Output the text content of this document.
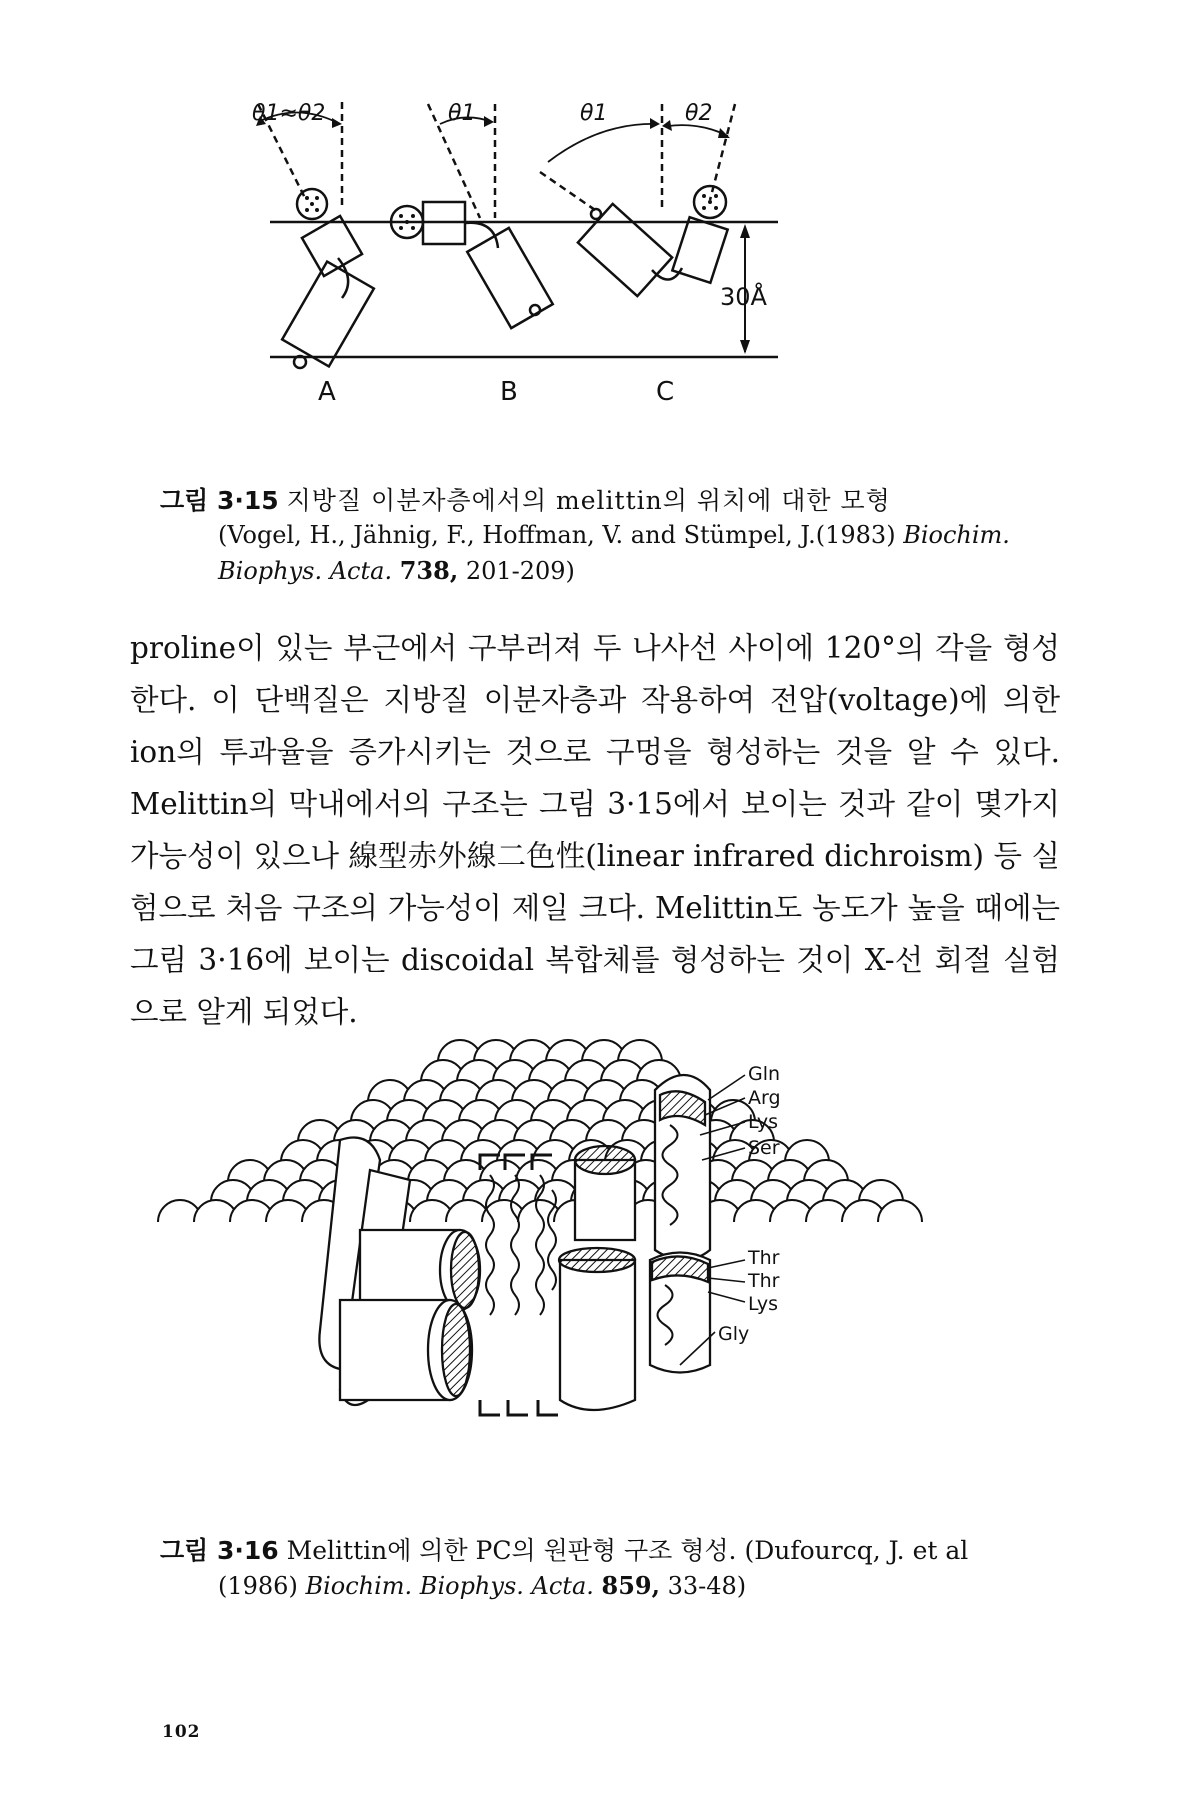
θ1≈θ2	θ1	θ1	θ2
30Å
A	B	C
그림 3·15 지방질 이분자층에서의 melittin의 위치에 대한 모형
(Vogel, H., Jähnig, F., Hoffman, V. and Stümpel, J.(1983) Biochim.
Biophys. Acta. 738, 201-209)

proline이 있는 부근에서 구부러져 두 나사선 사이에 120°의 각을 형성한다. 이 단백질은 지방질 이분자층과 작용하여 전압(voltage)에 의한 ion의 투과율을 증가시키는 것으로 구멍을 형성하는 것을 알 수 있다. Melittin의 막내에서의 구조는 그림 3·15에서 보이는 것과 같이 몇가지 가능성이 있으나 線型赤外線二色性(linear infrared dichroism) 등 실험으로 처음 구조의 가능성이 제일 크다. Melittin도 농도가 높을 때에는 그림 3·16에 보이는 discoidal 복합체를 형성하는 것이 X-선 회절 실험으로 알게 되었다.

Gln
Arg
Lys
Ser
Thr
Thr
Lys
Gly
그림 3·16 Melittin에 의한 PC의 원판형 구조 형성. (Dufourcq, J. et al
(1986) Biochim. Biophys. Acta. 859, 33-48)
102
